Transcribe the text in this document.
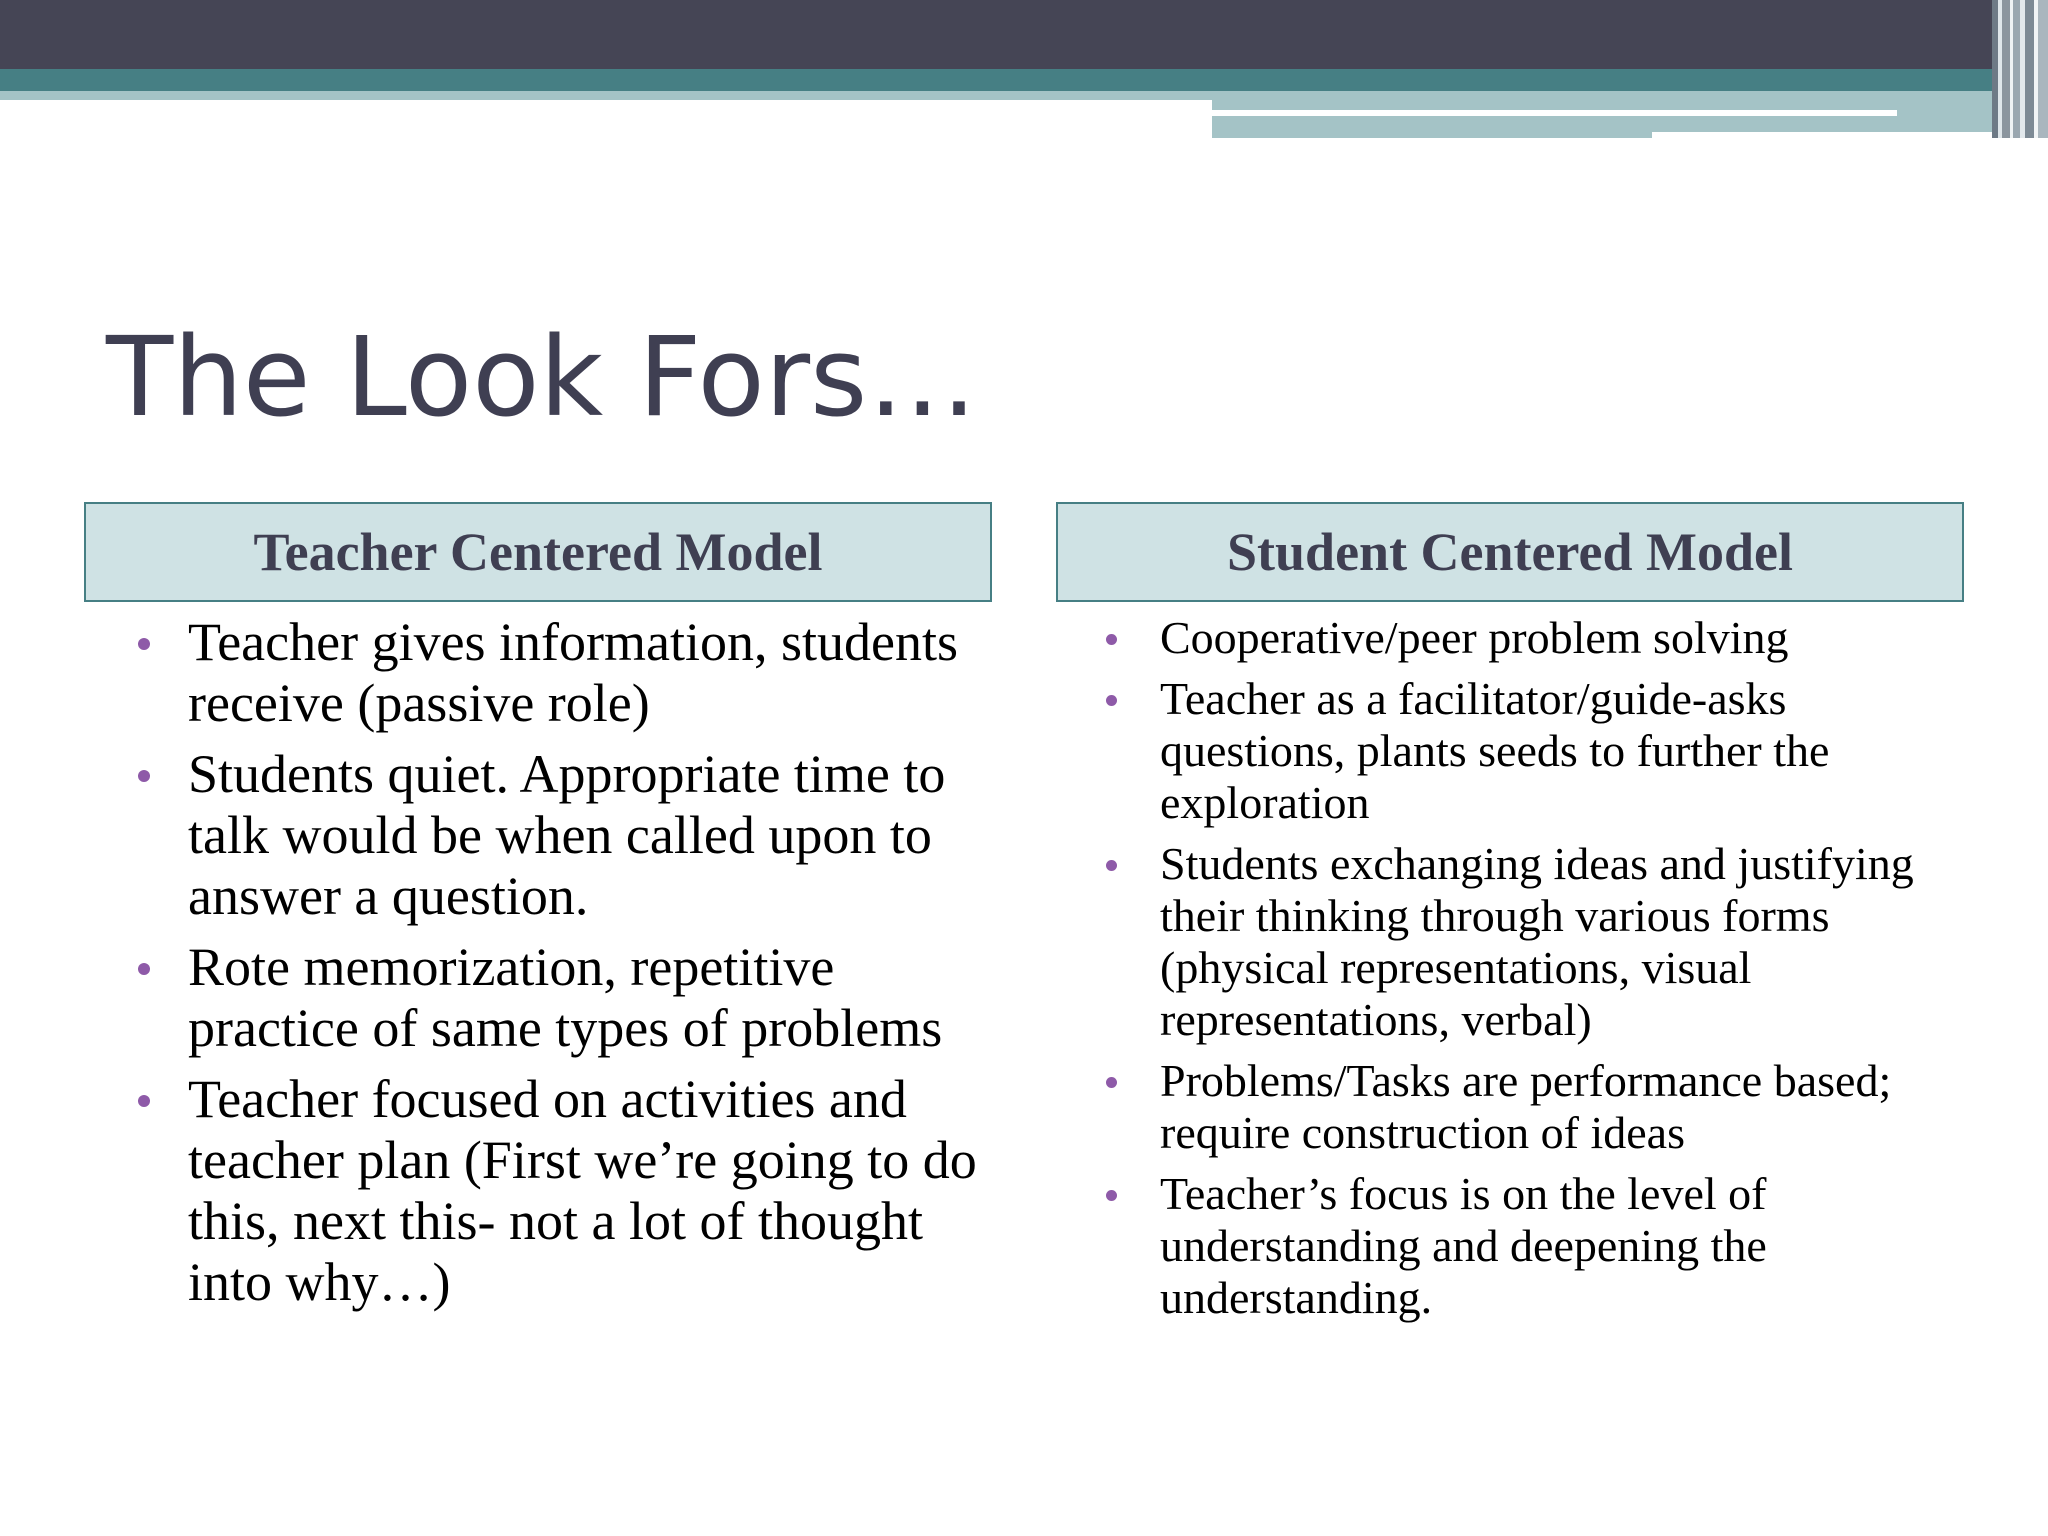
The Look Fors…
Teacher Centered Model	Student Centered Model
Teacher gives information, students receive (passive role)
Students quiet. Appropriate time to talk would be when called upon to answer a question.
Rote memorization, repetitive practice of same types of problems
Teacher focused on activities and teacher plan (First we’re going to do this, next this- not a lot of thought into why…)
Cooperative/peer problem solving
Teacher as a facilitator/guide-asks questions, plants seeds to further the exploration
Students exchanging ideas and justifying their thinking through various forms (physical representations, visual representations, verbal)
Problems/Tasks are performance based; require construction of ideas
Teacher’s focus is on the level of understanding and deepening the understanding.
